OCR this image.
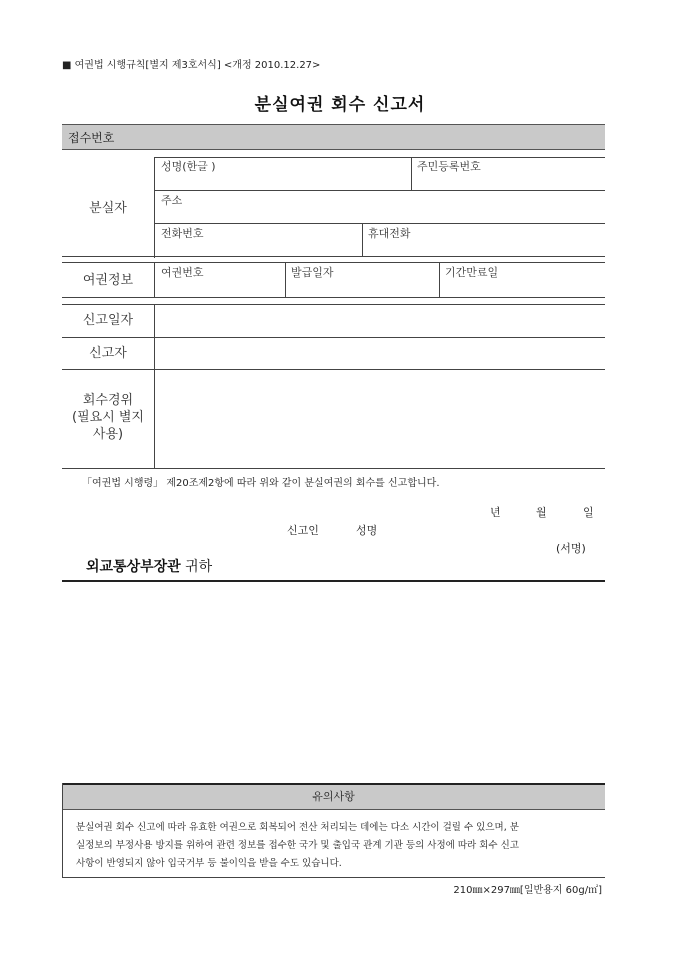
■ 여권법 시행규칙[별지 제3호서식] <개정 2010.12.27>
분실여권 회수 신고서
접수번호
분실자
성명(한글 )	주민등록번호
주소
전화번호	휴대전화
여권정보
여권번호	발급일자	기간만료일
신고일자
신고자
회수경위
(필요시 별지
사용)
「여권법 시행령」 제20조제2항에 따라 위와 같이 분실여권의 회수를 신고합니다.
년	월	일
신고인	성명
(서명)
외교통상부장관 귀하
유의사항
분실여권 회수 신고에 따라 유효한 여권으로 회복되어 전산 처리되는 데에는 다소 시간이 걸릴 수 있으며, 분
실정보의 부정사용 방지를 위하여 관련 정보를 접수한 국가 및 출입국 관계 기관 등의 사정에 따라 회수 신고
사항이 반영되지 않아 입국거부 등 불이익을 받을 수도 있습니다.
210㎜×297㎜[일반용지 60g/㎡]
